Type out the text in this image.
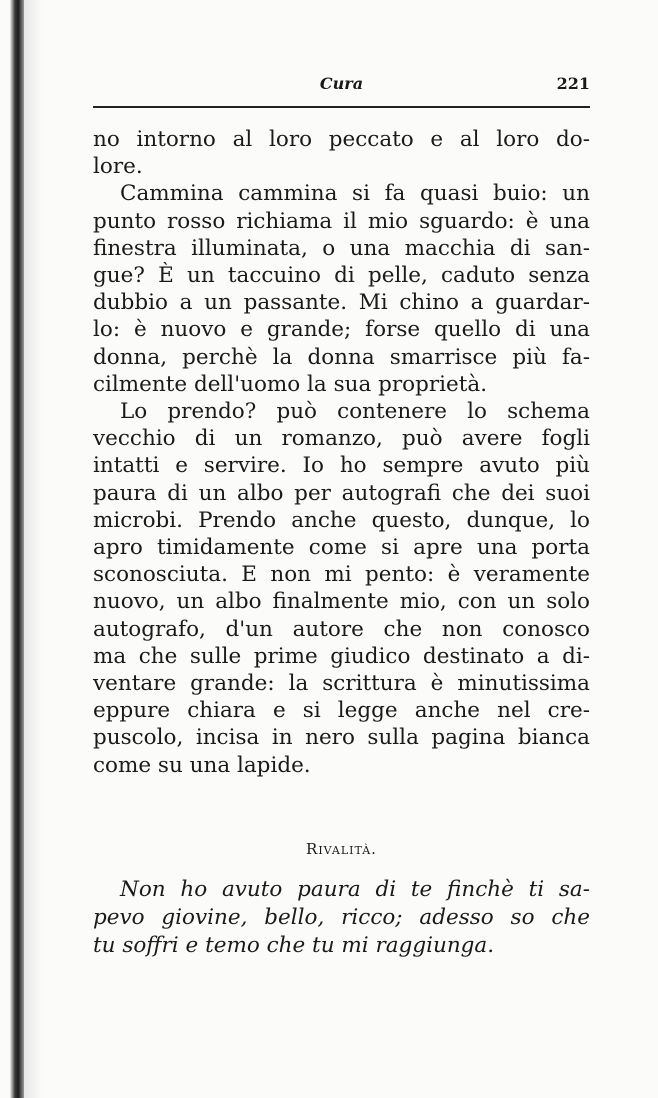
Cura	221

no intorno al loro peccato e al loro do-
lore.

Cammina cammina si fa quasi buio: un
punto rosso richiama il mio sguardo: è una
finestra illuminata, o una macchia di san-
gue? È un taccuino di pelle, caduto senza
dubbio a un passante. Mi chino a guardar-
lo: è nuovo e grande; forse quello di una
donna, perchè la donna smarrisce più fa-
cilmente dell'uomo la sua proprietà.

Lo prendo? può contenere lo schema
vecchio di un romanzo, può avere fogli
intatti e servire. Io ho sempre avuto più
paura di un albo per autografi che dei suoi
microbi. Prendo anche questo, dunque, lo
apro timidamente come si apre una porta
sconosciuta. E non mi pento: è veramente
nuovo, un albo finalmente mio, con un solo
autografo, d'un autore che non conosco
ma che sulle prime giudico destinato a di-
ventare grande: la scrittura è minutissima
eppure chiara e si legge anche nel cre-
puscolo, incisa in nero sulla pagina bianca
come su una lapide.

Rivalità.
Non ho avuto paura di te finchè ti sa-
pevo giovine, bello, ricco; adesso so che
tu soffri e temo che tu mi raggiunga.
